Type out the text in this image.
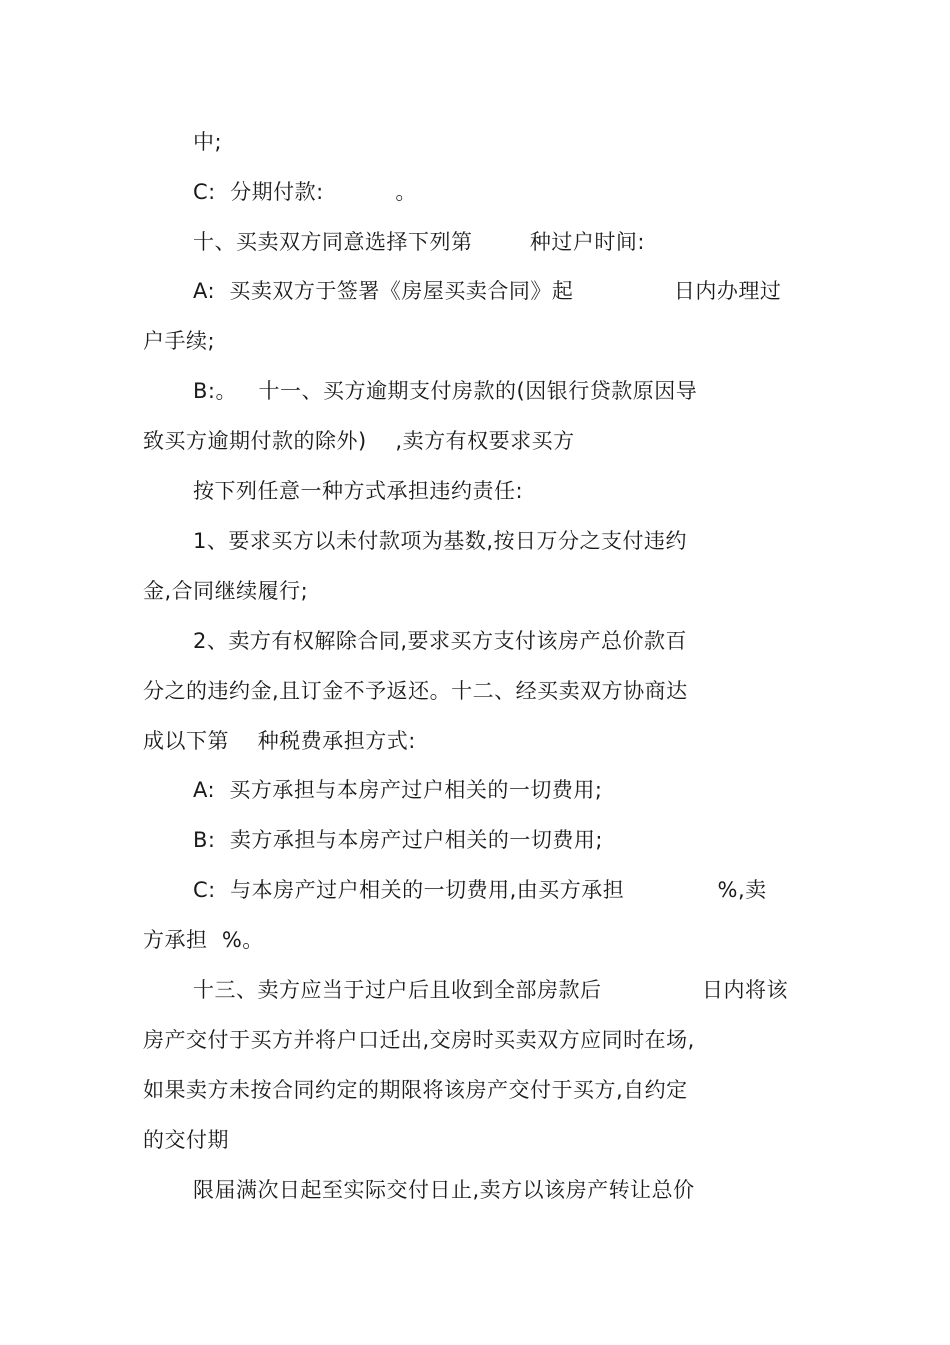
中;
C:  分期付款:          。
十、买卖双方同意选择下列第        种过户时间:
A:  买卖双方于签署《房屋买卖合同》起              日内办理过
户手续;
B:。   十一、买方逾期支付房款的(因银行贷款原因导
致买方逾期付款的除外)    ,卖方有权要求买方
按下列任意一种方式承担违约责任:
1、要求买方以未付款项为基数,按日万分之支付违约
金,合同继续履行;
2、卖方有权解除合同,要求买方支付该房产总价款百
分之的违约金,且订金不予返还。十二、经买卖双方协商达
成以下第    种税费承担方式:
A:  买方承担与本房产过户相关的一切费用;
B:  卖方承担与本房产过户相关的一切费用;
C:  与本房产过户相关的一切费用,由买方承担             %,卖
方承担  %。
十三、卖方应当于过户后且收到全部房款后              日内将该
房产交付于买方并将户口迁出,交房时买卖双方应同时在场,
如果卖方未按合同约定的期限将该房产交付于买方,自约定
的交付期
限届满次日起至实际交付日止,卖方以该房产转让总价
